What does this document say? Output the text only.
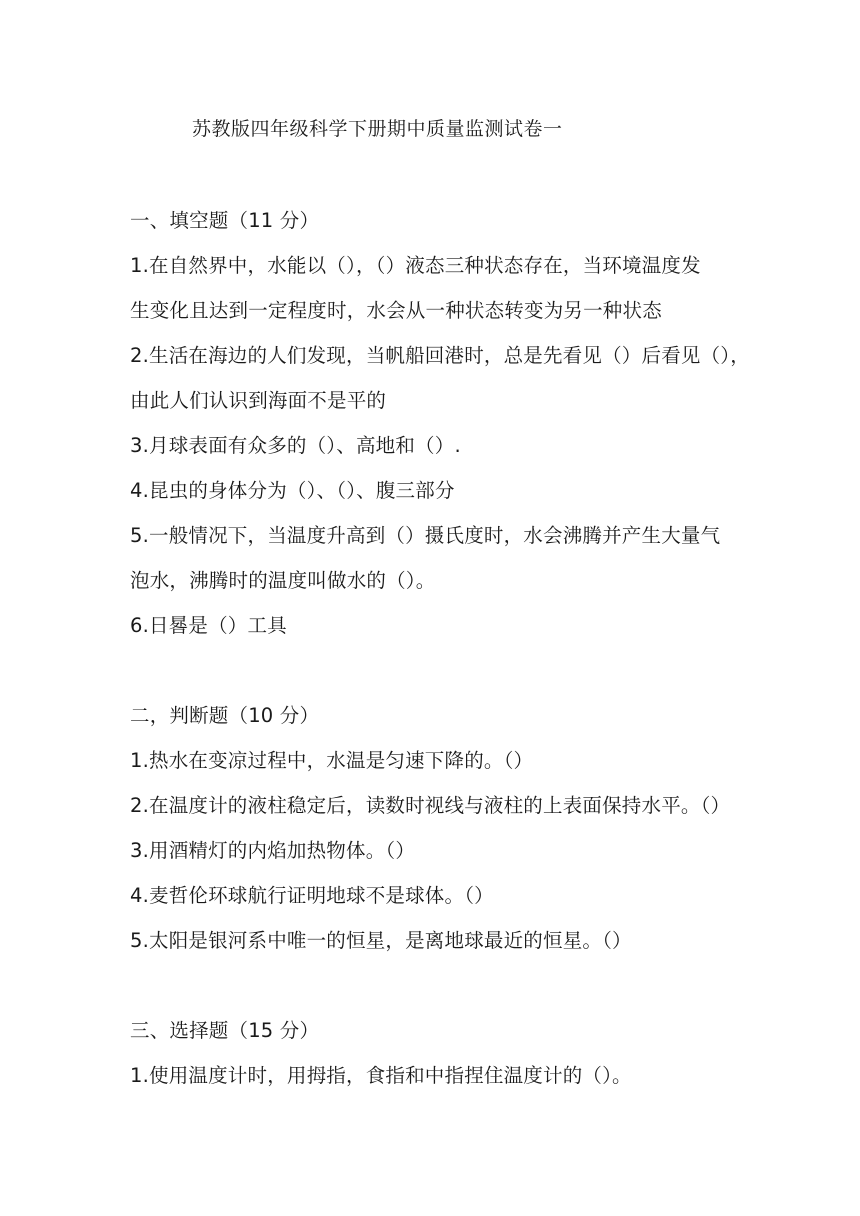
苏教版四年级科学下册期中质量监测试卷一
一、填空题（11 分）
1.在自然界中，水能以（），（）液态三种状态存在，当环境温度发
生变化且达到一定程度时，水会从一种状态转变为另一种状态
2.生活在海边的人们发现，当帆船回港时，总是先看见（）后看见（），
由此人们认识到海面不是平的
3.月球表面有众多的（）、高地和（）.
4.昆虫的身体分为（）、（）、腹三部分
5.一般情况下，当温度升高到（）摄氏度时，水会沸腾并产生大量气
泡水，沸腾时的温度叫做水的（）。
6.日晷是（）工具
二，判断题（10 分）
1.热水在变凉过程中，水温是匀速下降的。（）
2.在温度计的液柱稳定后，读数时视线与液柱的上表面保持水平。（）
3.用酒精灯的内焰加热物体。（）
4.麦哲伦环球航行证明地球不是球体。（）
5.太阳是银河系中唯一的恒星，是离地球最近的恒星。（）
三、选择题（15 分）
1.使用温度计时，用拇指，食指和中指捏住温度计的（）。
